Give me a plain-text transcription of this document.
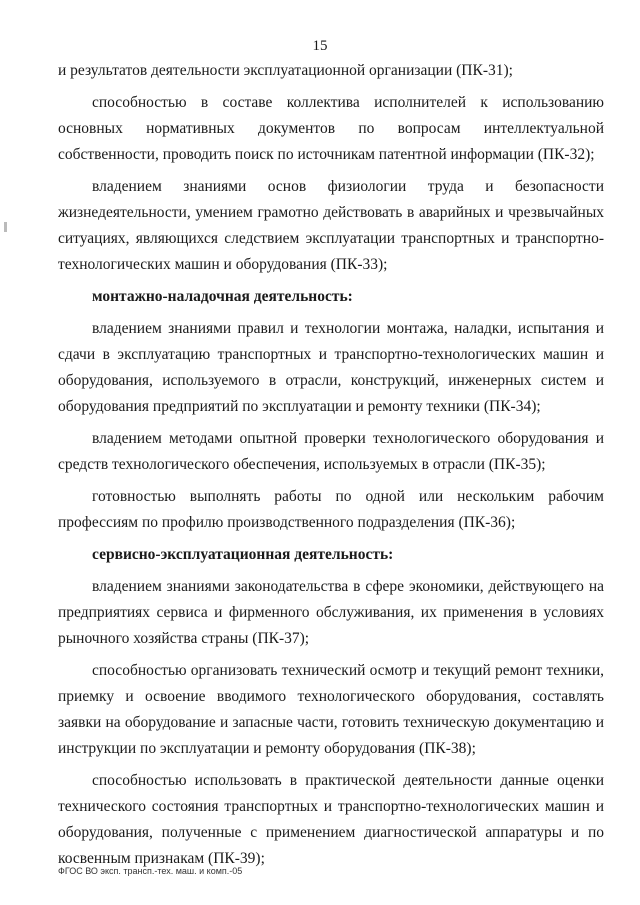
15

и результатов деятельности эксплуатационной организации (ПК-31);

способностью в составе коллектива исполнителей к использованию основных нормативных документов по вопросам интеллектуальной собственности, проводить поиск по источникам патентной информации (ПК-32);

владением знаниями основ физиологии труда и безопасности жизнедеятельности, умением грамотно действовать в аварийных и чрезвычайных ситуациях, являющихся следствием эксплуатации транспортных и транспортно-технологических машин и оборудования (ПК-33);

монтажно-наладочная деятельность:

владением знаниями правил и технологии монтажа, наладки, испытания и сдачи в эксплуатацию транспортных и транспортно-технологических машин и оборудования, используемого в отрасли, конструкций, инженерных систем и оборудования предприятий по эксплуатации и ремонту техники (ПК-34);

владением методами опытной проверки технологического оборудования и средств технологического обеспечения, используемых в отрасли (ПК-35);

готовностью выполнять работы по одной или нескольким рабочим профессиям по профилю производственного подразделения (ПК-36);

сервисно-эксплуатационная деятельность:

владением знаниями законодательства в сфере экономики, действующего на предприятиях сервиса и фирменного обслуживания, их применения в условиях рыночного хозяйства страны (ПК-37);

способностью организовать технический осмотр и текущий ремонт техники, приемку и освоение вводимого технологического оборудования, составлять заявки на оборудование и запасные части, готовить техническую документацию и инструкции по эксплуатации и ремонту оборудования (ПК-38);

способностью использовать в практической деятельности данные оценки технического состояния транспортных и транспортно-технологических машин и оборудования, полученные с применением диагностической аппаратуры и по косвенным признакам (ПК-39);

ФГОС ВО эксп. трансп.-тех. маш. и комп.-05
